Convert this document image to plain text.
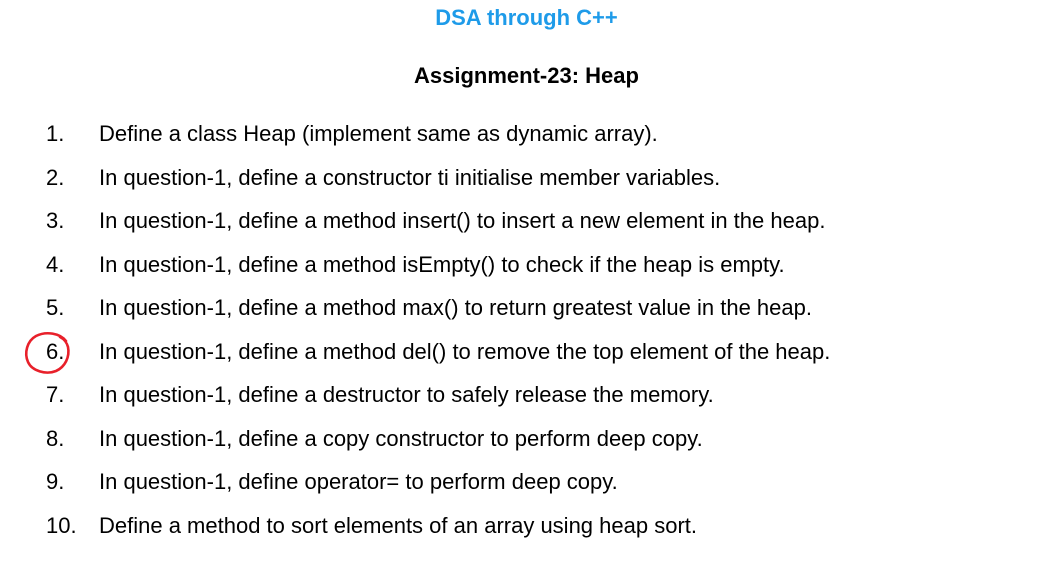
DSA through C++
Assignment-23: Heap
1.	Define a class Heap (implement same as dynamic array).
2.	In question-1, define a constructor ti initialise member variables.
3.	In question-1, define a method insert() to insert a new element in the heap.
4.	In question-1, define a method isEmpty() to check if the heap is empty.
5.	In question-1, define a method max() to return greatest value in the heap.
6.	In question-1, define a method del() to remove the top element of the heap.
7.	In question-1, define a destructor to safely release the memory.
8.	In question-1, define a copy constructor to perform deep copy.
9.	In question-1, define operator= to perform deep copy.
10.	Define a method to sort elements of an array using heap sort.
